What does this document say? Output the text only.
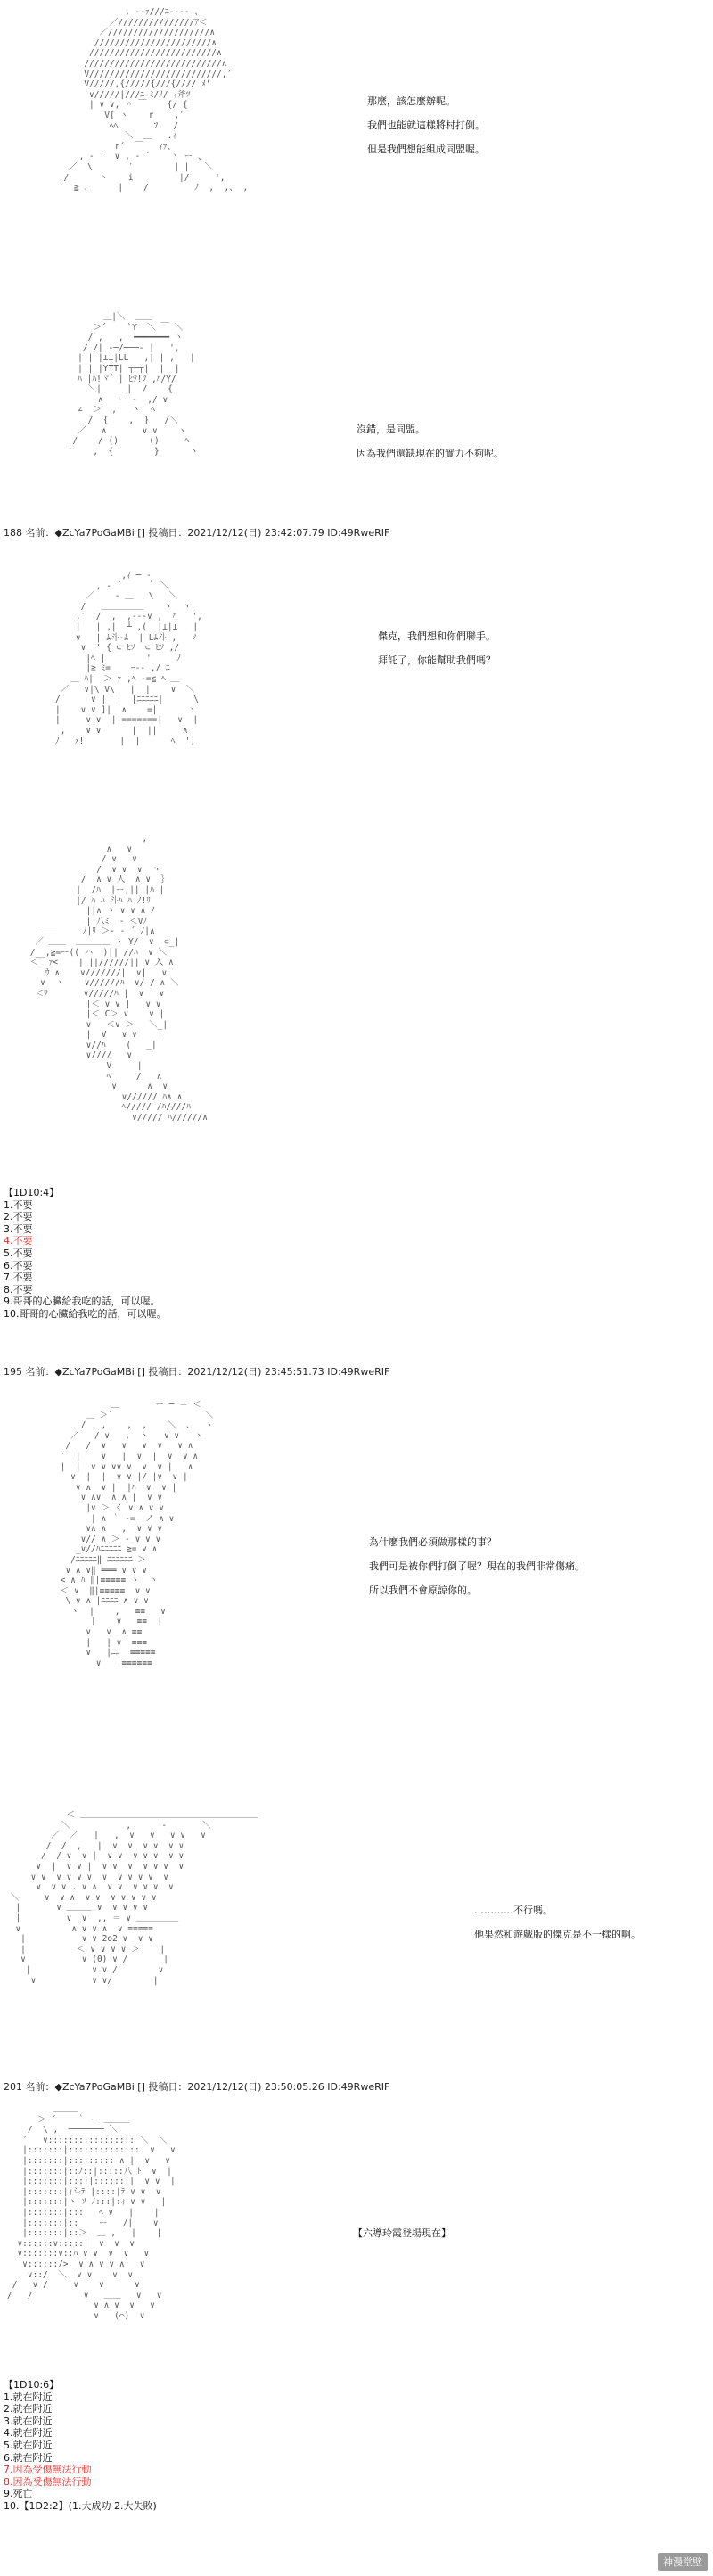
, -‐ｧ///ﾆ---‐ 、
／///////////////ｱ＜
／////////////////////∧
///////////////////////∧
/////////////////////////∧
///////////////////////////∧
V//////////////////////////,′
V/////,{/////{///{//// ﾒ'
∨/////|///ﾆ―ﾐ/ﾉ/ ｨ斧ﾂ
| ∨ ∨, ＾ ￣    {/ {
V{ ヽ    r    ,′
ﾍﾍ       ﾌ   /
＼  ＿   .ｨ
r´  ￣   ｨｧ、
, ‐ ´  ∨ , ‐ ´    ヽ ー 、
／  \       ′        | |   ＼
/      ヽ    i         |/     ',
′  ≧ 、     |    /         ﾉ  ,  ,、 ,
那麼，該怎麼辦呢。
我們也能就這樣將村打倒。
但是我們想能組成同盟喔。
＿|＼  ＿＿
＞´    `Y  ＼ ￣ ＼
/ ,   ,  ━━━━━━━ ヽ
/ /| ‐─/───‐ |   ',
| | |⊥⊥|LL   ,| | ,   |
| | |YTT| ┬─┬|  |  |
ﾊ |ﾊ!ヾ゛| ﾋﾂ!ﾌ ,ﾊ/Y/
＼|     |  /    {
∧   ー ‐  ,/ ∨
∠  ＞  ,   ヽ  ﾍ
/  {    ,  }   /＼
／   ∧       ∨ ∨    ヽ
/    / ()      ()     ﾍ
′    ,  {        }      ヽ
沒錯，是同盟。
因為我們還缺現在的實力不夠呢。
188 名前：◆ZcYa7PoGaMBi [] 投稿日：2021/12/12(日) 23:42:07.79 ID:49RweRIF
,ｨ ─ ‐
, ‐ ´     ｀ ＼
／    ‐ ＿   \   ＼
/   ＿＿＿＿＿    ヽ  ヽ
,′  /  ,  ,‐‐‐∨ ,  ﾊ   ',
|   | ,|  ┴ ,(  |⊥|⊥   |
∨   | ﾑ斗‐ﾑ  | Lﾑ斗 ,   ｿ
∨  ' { ⊂ ﾋｿ  ⊂ ﾋｿ ,/
|ﾍ |        '     ﾉ
|≧ ﾐ=    ｰ‐‐ ,/ ﾆ
＿ ﾊ|  ＞ ｧ ,ﾍ ‐=≦ ﾍ ＿
／   ∨|\ V\   |  |    ∨  ＼
/      ∨ |  |  |ﾆﾆﾆﾆﾆ|      \
|    ∨ ∨ ]|  ∧    =|      ヽ
|     ∨ ∨  ||=======|   ∨  |
,    ∨ ∨      |  ||     ∧
ﾉ   ﾒ!       |  |      ﾍ  ',
傑克，我們想和你們聯手。
拜託了，你能幫助我們嗎？
,
∧   ∨
/ ∨   ∨
/  ∨ ∨  ∨  ヽ
/  ∧ ∨ 人  ∧ ∨  ｝
|  /ﾊ  |ー,|| |ﾊ |
|/ ﾊ ﾊ 斗ﾊ ﾊ ﾉ!ﾘ
||∧ ヽ ∨ ∨ ∧ ﾉ
| 八ﾐ  ‐ ＜Vﾉ
＿＿     ﾉ|ﾘ ＞‐ - ´ ﾉ|∧
／ ＿＿  ＿＿＿＿ ヽ Y/  ∨  ⊂_|
/__,≧=ー(( ハ  )|| //ﾊ  ∨ ＼
＜  ｧ<    | ||//////|| ∨ 入 ∧
ｳ ∧    ∨///////|  ∨|   ∨
∨  ヽ    ∨//////ﾊ  ∨/ / ∧ ＼
＜ｦ       ∨/////ﾊ |  ∨   ∨
|＜ ∨ ∨ |   ∨ ∨
|＜ C＞ ∨    ∨ |
∨   ＜∨ ＞   ＼_|
|  V   ∨ ∨    |
∨//ﾊ    (   _|
∨////   ∨
V     |
ﾍ     /   ∧
∨      ∧  ∨
∨////// ﾊ∧ ∧
ﾍ///// /ﾊ////ﾊ
∨///// ﾊ//////∧
【1D10:4】
1.不要
2.不要
3.不要
4.不要
5.不要
6.不要
7.不要
8.不要
9.哥哥的心臟給我吃的話，可以喔。
10.哥哥的心臟給我吃的話，可以喔。
195 名前：◆ZcYa7PoGaMBi [] 投稿日：2021/12/12(日) 23:45:51.73 ID:49RweRIF
＿       ー ─ ＝ ＜
＿ ＞´                  ＼
/   ,    ,  ,    ＼  、  ヽ
／   / ∨   ,  ヽ   ∨ ∨   ヽ
/   /  ∨   ∨   ∨  ∨   ∨ ∧
′  |    ∨   |  ∨  |  ∨  ∨ ∧
|  |  ∨ ∨ ∨∨ ∨  ∨  ∨ |   ∧
∨  |  |  ∨ ∨ |/ |∨  ∨ |
∨ ∧  ∨ |  |ﾊ  ∨  ∨ |
∨ ∧∨  ∧ ∧ |  ∨ ∨
|∨ ＞ く ∨ ∧ ∨ ∨
| ∧ ｀ -=  ノ ∧ ∨
∨∧ ∧   ,  ∨ ∨ ∨
∨// ∧ ＞ ‐ ∨ ∨ ∨
_∨//ﾊﾆﾆﾆﾆﾆ ≧= ∨ ∧
/ﾆﾆﾆﾆﾆ‖ ﾆﾆﾆﾆﾆﾆ ＞
∨ ∧ ∨‖ ═══ ∨ ∨ ∨
< ∧ ﾊ ‖|≡≡≡≡≡ ヽ  ヽ
＜ ∨  ‖|≡≡≡≡≡  ∨ ∨
\ ∨ ∧ |ﾆﾆﾆﾆ ∧ ∨ ∨
ヽ  |    ,   ≡≡   ∨
|    ∨   ≡≡  |
∨   ∨  ∧ ≡≡
|   | ∨  ≡≡≡
∨   |ﾆﾆ  ≡≡≡≡≡
∨   |≡≡≡≡≡≡
為什麼我們必須做那樣的事？
我們可是被你們打倒了喔？現在的我們非常傷痛。
所以我們不會原諒你的。
＜ ＿＿＿＿＿＿＿＿＿＿＿＿＿＿＿＿＿＿＿＿＿
＼           ,      ‐       ＼
／  ／   |   ,  ∨   ∨   ∨ ∨   ∨
/  /  ,   |  ∨  ∨  ∨ ∨  ∨ ∨
/  / ∨  ∨ |  ∨ ∨  ∨ ∨ ∨  ∨ ∨
∨  |  ∨ ∨ |  ∨ ∨  ∨  ∨ ∨ ∨  ∨
∨ ∨  ∨ ∨ ∨ ∨  ∨  ∨ ∨ ∨ ∨  ∨
∨  ∨ ∨ . ∨ ∧  ∨ ∨  ∨ ∨ ∨  ∨
＼     ∨  ∨ ∧  ∨ ∨  ∨ ∨ ∨ ∨ ∨
|       ∨ ＿＿＿ ∨  ∨ ∨ ∨ ∨
|         ∨  ∨  ,, ＝ ∨ ＿＿＿＿＿
∨          ∧ ∨ ∨ ∧  ∨ ≡≡≡≡≡
|           ∨ ∨ 2o2 ∨  ∨ ∨
|          ＜ ∨ ∨ ∨ ∨ ＞    |
∨           ∨ (0) ∨ /       |
|            ∨ ∨ /        ∨
∨           ∨ ∨/        |
…………不行嗎。
他果然和遊戲版的傑克是不一樣的啊。
201 名前：◆ZcYa7PoGaMBi [] 投稿日：2021/12/12(日) 23:50:05.26 ID:49RweRIF
＿＿＿
＞ ´    ｀ ー ＿＿＿
/  \ ,  ─────── ＼
′   ∨::::::::::::::::: ＼  ＼
|:::::::|::::::::::::::  ∨   ∨
|:::::::|::::::::: ∧ |  ∨   ∨
|:::::::|::ﾉ::|:::::八 ﾄ  ∨  |
|:::::::|::::|:::::::|  ∨ ∨  |
|:::::::|ｨ斗ﾃ |::::|ﾃ ∨ ∨  ∨
|:::::::|ヽ ｿ ﾉ:::|:ｨ ∨ ∨   |
|:::::::|:::   ﾍ ∨   |    |
|:::::::|::    ー   /|    ∨
|:::::::|::＞  ＿ ,   |    |
∨::::::∨:::::|  ∨  ∨  ∨
∨:::::::∨::ﾊ ∨ ∨  ∨  ∨   ∨
∨::::::/>  ∨ ∧ ∨ ∨ ∧   ∨
∨::/  ＼  ∨ ∨    ∨  ∨
/   ∨ /     ∨    ∨      ∨
/   /          ∨   ＿＿   ∨   ∨
∨ ∧ ∨  ∨   ∨
∨   (⌒)  ∨
【六導玲霞登場現在】
【1D10:6】
1.就在附近
2.就在附近
3.就在附近
4.就在附近
5.就在附近
6.就在附近
7.因為受傷無法行動
8.因為受傷無法行動
9.死亡
10.【1D2:2】(1.大成功 2.大失敗)
神漫堂壁
